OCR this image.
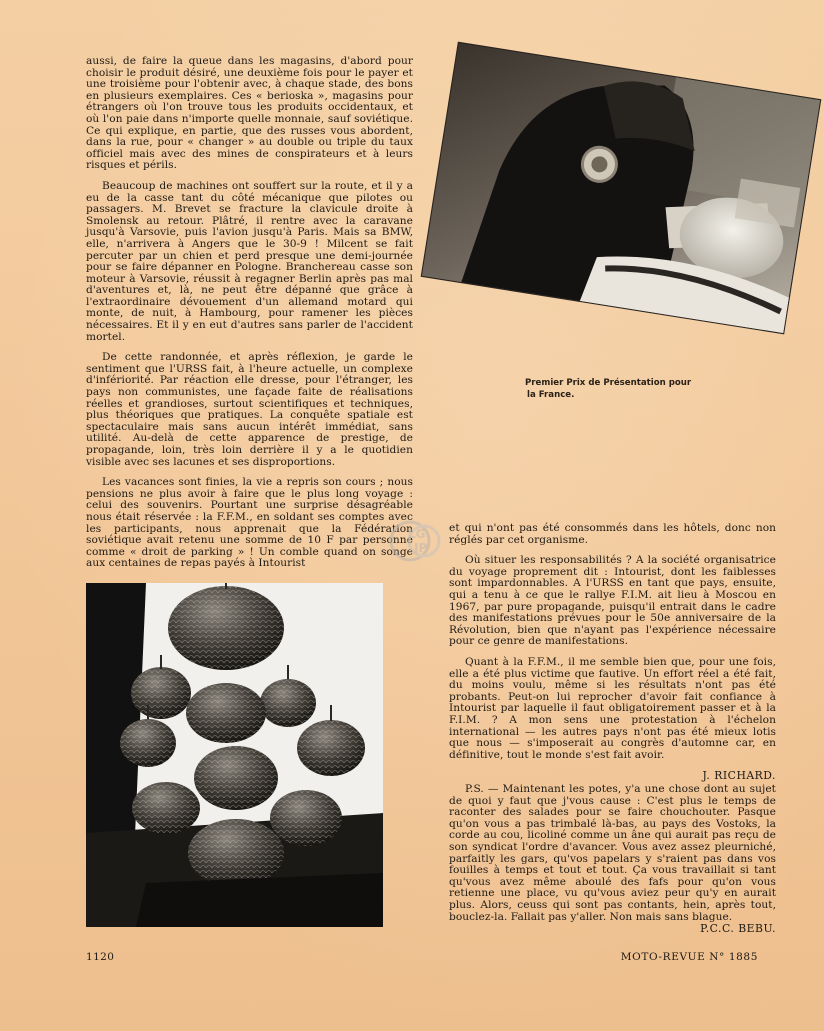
aussi, de faire la queue dans les magasins, d'abord pour choisir le produit désiré, une deuxième fois pour le payer et une troisième pour l'obtenir avec, à chaque stade, des bons en plusieurs exemplaires. Ces « berioska », magasins pour étrangers où l'on trouve tous les produits occidentaux, et où l'on paie dans n'importe quelle monnaie, sauf soviétique. Ce qui explique, en partie, que des russes vous abordent, dans la rue, pour « changer » au double ou triple du taux officiel mais avec des mines de conspirateurs et à leurs risques et périls.

Beaucoup de machines ont souffert sur la route, et il y a eu de la casse tant du côté mécanique que pilotes ou passagers. M. Brevet se fracture la clavicule droite à Smolensk au retour. Plâtré, il rentre avec la caravane jusqu'à Varsovie, puis l'avion jusqu'à Paris. Mais sa BMW, elle, n'arrivera à Angers que le 30-9 ! Milcent se fait percuter par un chien et perd presque une demi-journée pour se faire dépanner en Pologne. Branchereau casse son moteur à Varsovie, réussit à regagner Berlin après pas mal d'aventures et, là, ne peut être dépanné que grâce à l'extraordinaire dévouement d'un allemand motard qui monte, de nuit, à Hambourg, pour ramener les pièces nécessaires. Et il y en eut d'autres sans parler de l'accident mortel.

De cette randonnée, et après réflexion, je garde le sentiment que l'URSS fait, à l'heure actuelle, un complexe d'infériorité. Par réaction elle dresse, pour l'étranger, les pays non communistes, une façade faite de réalisations réelles et grandioses, surtout scientifiques et techniques, plus théoriques que pratiques. La conquête spatiale est spectaculaire mais sans aucun intérêt immédiat, sans utilité. Au-delà de cette apparence de prestige, de propagande, loin, très loin derrière il y a le quotidien visible avec ses lacunes et ses disproportions.

Les vacances sont finies, la vie a repris son cours ; nous pensions ne plus avoir à faire que le plus long voyage : celui des souvenirs. Pourtant une surprise désagréable nous était réservée : la F.F.M., en soldant ses comptes avec les participants, nous apprenait que la Fédération soviétique avait retenu une somme de 10 F par personne comme « droit de parking » ! Un comble quand on songe aux centaines de repas payés à Intourist

Premier Prix de Présentation pour

la France.
LG
JP

et qui n'ont pas été consommés dans les hôtels, donc non réglés par cet organisme.

Où situer les responsabilités ? A la société organisatrice du voyage proprement dit : Intourist, dont les faiblesses sont impardonnables. A l'URSS en tant que pays, ensuite, qui a tenu à ce que le rallye F.I.M. ait lieu à Moscou en 1967, par pure propagande, puisqu'il entrait dans le cadre des manifestations prévues pour le 50e anniversaire de la Révolution, bien que n'ayant pas l'expérience nécessaire pour ce genre de manifestations.

Quant à la F.F.M., il me semble bien que, pour une fois, elle a été plus victime que fautive. Un effort réel a été fait, du moins voulu, même si les résultats n'ont pas été probants. Peut-on lui reprocher d'avoir fait confiance à Intourist par laquelle il faut obligatoirement passer et à la F.I.M. ? A mon sens une protestation à l'échelon international — les autres pays n'ont pas été mieux lotis que nous — s'imposerait au congrès d'automne car, en définitive, tout le monde s'est fait avoir.

J. RICHARD.

P.S. — Maintenant les potes, y'a une chose dont au sujet de quoi y faut que j'vous cause : C'est plus le temps de raconter des salades pour se faire chouchouter. Pasque qu'on vous a pas trimbalé là-bas, au pays des Vostoks, la corde au cou, licoliné comme un âne qui aurait pas reçu de son syndicat l'ordre d'avancer. Vous avez assez pleurniché, parfaitly les gars, qu'vos papelars y s'raient pas dans vos fouilles à temps et tout et tout. Ça vous travaillait si tant qu'vous avez même aboulé des fafs pour qu'on vous retienne une place, vu qu'vous aviez peur qu'y en aurait plus. Alors, ceuss qui sont pas contants, hein, après tout, bouclez-la. Fallait pas y'aller. Non mais sans blague.

P.C.C. BEBU.

1120	MOTO-REVUE N° 1885
